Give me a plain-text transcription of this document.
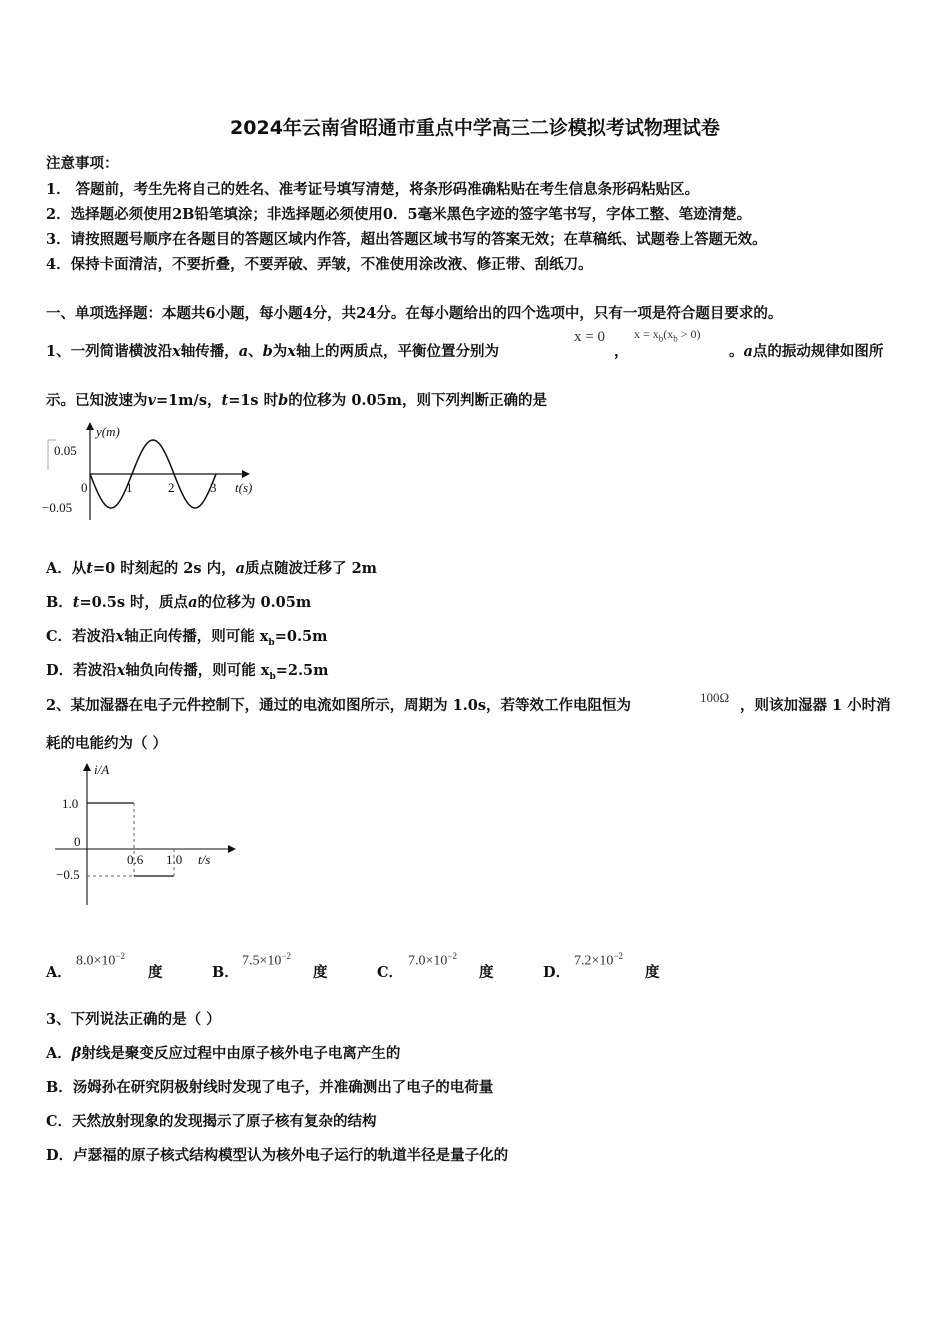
2024年云南省昭通市重点中学高三二诊模拟考试物理试卷
注意事项：
1． 答题前，考生先将自己的姓名、准考证号填写清楚，将条形码准确粘贴在考生信息条形码粘贴区。
2．选择题必须使用2B铅笔填涂；非选择题必须使用0．5毫米黑色字迹的签字笔书写，字体工整、笔迹清楚。
3．请按照题号顺序在各题目的答题区域内作答，超出答题区域书写的答案无效；在草稿纸、试题卷上答题无效。
4．保持卡面清洁，不要折叠，不要弄破、弄皱，不准使用涂改液、修正带、刮纸刀。
一、单项选择题：本题共6小题，每小题4分，共24分。在每小题给出的四个选项中，只有一项是符合题目要求的。
1、一列简谐横波沿x轴传播，a、b为x轴上的两质点，平衡位置分别为
x = 0
，
$x = x_b(x_b > 0)$
。a点的振动规律如图所
示。已知波速为v=1m/s，t=1s 时b的位移为 0.05m，则下列判断正确的是
0.05
−0.05
y(m)
t(s)
0	1	2	3
A．从t=0 时刻起的 2s 内，a质点随波迁移了 2m
B．t=0.5s 时，质点a的位移为 0.05m
C．若波沿x轴正向传播，则可能 $x_b=0.5m$
D．若波沿x轴负向传播，则可能 $x_b=2.5m$
2、某加湿器在电子元件控制下，通过的电流如图所示，周期为 1.0s，若等效工作电阻恒为	100Ω ，则该加湿器 1 小时消
耗的电能约为（ ）
i/A
1.0
0
−0.5
0.6 1.0 t/s
A．
$8.0\times 10^{-2}$
度	B．
$7.5\times 10^{-2}$
度	C．
$7.0\times 10^{-2}$
度	D．
$7.2\times 10^{-2}$
度
3、下列说法正确的是（ ）
A．β射线是聚变反应过程中由原子核外电子电离产生的
B．汤姆孙在研究阴极射线时发现了电子，并准确测出了电子的电荷量
C．天然放射现象的发现揭示了原子核有复杂的结构
D．卢瑟福的原子核式结构模型认为核外电子运行的轨道半径是量子化的
